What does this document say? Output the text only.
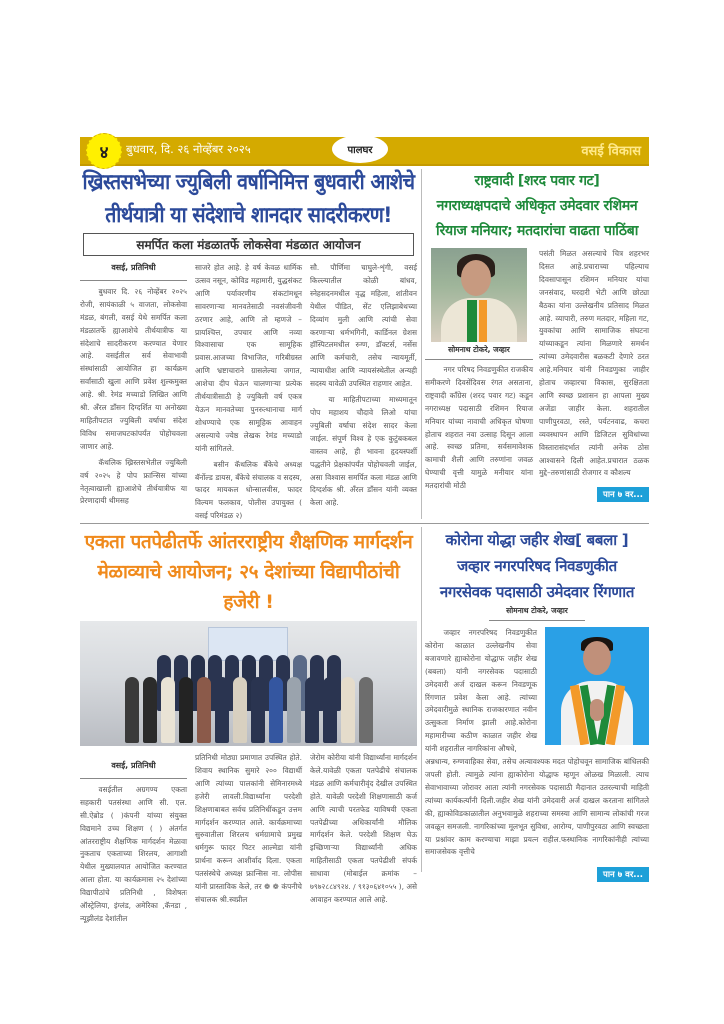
४	बुधवार, दि. २६ नोव्हेंबर २०२५	पालघर	वसई विकास
ख्रिस्तसभेच्या ज्युबिली वर्षानिमित्त बुधवारी आशेचे
तीर्थयात्री या संदेशाचे शानदार सादरीकरण!
समर्पित कला मंडळातर्फे लोकसेवा मंडळात आयोजन
वसई, प्रतिनिधी

बुधवार दि. २६ नोव्हेंबर २०२५ रोजी, सायंकाळी ५ वाजता, लोकसेवा मंडळ, बंगली, वसई येथे समर्पित कला मंडळातर्फे ह्याआशेचे तीर्थयात्रीफ या संदेशाचे सादरीकरण करण्यात येणार आहे. वसईतील सर्व सेवाभावी संस्थांसाठी आयोजित हा कार्यक्रम सर्वांसाठी खुला आणि प्रवेश शुल्कमुक्त आहे. श्री. रेमंड मच्याडो लिखित आणि श्री. अँरल डाँसन दिग्दर्शित या अनोख्या माहितीपटात ज्युबिली वर्षाचा संदेश विविध समाजघटकांपर्यंत पोहोचवला जाणार आहे.

कॅथलिक ख्रिस्तसभेतील ज्युबिली वर्ष २०२५ हे पोप फ्रान्सिस यांच्या नेतृत्वाखाली ह्याआशेचे तीर्थयात्रीफ या प्रेरणादायी थीमसह

साजरे होत आहे. हे वर्ष केवळ धार्मिक उत्सव नसून, कोविड महामारी, युद्धसंकट आणि पर्यावरणीय संकटांमधून सावरणाऱ्या मानवतेसाठी नवसंजीवनी ठरणार आहे, आणि तो म्हणजे – प्रायश्चित्त, उपचार आणि नव्या विश्वासाचा एक सामूहिक प्रवास.आजच्या विभाजित, गरिबीग्रस्त आणि भ्रष्टाचाराने ग्रासलेल्या जगात, आशेचा दीप घेऊन चालणाऱ्या प्रत्येक तीर्थयात्रीसाठी हे ज्युबिली वर्ष एकत्र येऊन मानवतेच्या पुनरुत्थानाचा मार्ग शोधण्याचे एक सामूहिक आवाहन असल्याचे ज्येष्ठ लेखक रेमंड मच्याडो यांनी सांगितले.

बसीन कॅथलिक बँकेचे अध्यक्ष बॅर्नोल्ड डायस, बँकेचे संचालक व सदस्य, फादर मायकल धोन्सालवीस, फादर विल्यम फलकाव, पोलीस उपायुक्त ( वसई परिमंडळ २)

सौ. पौर्णिमा चाघुले-शृंगी, वसई किल्ल्यातील कोळी बांधव, स्नेहसदनमधील वृद्ध महिला, शांतीवन येथील पीडित, सेंट एलिझाबेथच्या दिव्यांग मुली आणि त्यांची सेवा करणाऱ्या धर्मभगिनी, कार्डिनल ग्रेशस हॉस्पिटलमधील रुग्ण, डॉक्टर्स, नर्सेस आणि कर्मचारी, तसेच न्यायमूर्ती, न्यायाधीश आणि न्यायसंस्थेतील अन्यही सदस्य यावेळी उपस्थित राहणार आहेत.

या माहितीपटाच्या माध्यमातून पोप महाशय चौदावे लिओ यांचा ज्युबिली वर्षाचा संदेश सादर केला जाईल. संपूर्ण विश्व हे एक कुटुंबकबल वास्तव आहे, ही भावना हृदयस्पर्शी पद्धतीने प्रेक्षकांपर्यंत पोहोचवली जाईल, असा विश्वास समर्पित कला मंडळ आणि दिग्दर्शक श्री. अँरल डाँसन यांनी व्यक्त केला आहे.

राष्ट्रवादी [शरद पवार गट]
नगराध्यक्षपदाचे अधिकृत उमेदवार रशिमन
रियाज मनियार; मतदारांचा वाढता पाठिंबा
सोमनाथ टोकरे, जव्हार

नगर परिषद निवडणुकीत राजकीय समीकरणे दिवसेंदिवस रंगत असताना, राष्ट्रवादी काँग्रेस (शरद पवार गट) कडून नगराध्यक्ष पदासाठी रशिमन रियाज मनियार यांच्या नावाची अधिकृत घोषणा होताच शहरात नवा उत्साह दिसून आला आहे. स्वच्छ प्रतिमा, सर्वसमावेशक कामाची शैली आणि तरुणांना जवळ घेण्याची वृत्ती यामुळे मनीयार यांना मतदारांची मोठी

पसंती मिळत असल्याचे चित्र शहरभर दिसत आहे.प्रचाराच्या पहिल्याच दिवसापासून रशिमन मनियार यांचा जनसंवाद, घरदारी भेटी आणि छोट्या बैठका यांना उल्लेखनीय प्रतिसाद मिळत आहे. व्यापारी, तरुण मतदार, महिला गट, युवकांचा आणि सामाजिक संघटना यांच्याकडून त्यांना मिळणारे समर्थन त्यांच्या उमेदवारीस बळकटी देणारे ठरत आहे.मनियार यांनी निवडणुका जाहीर होताच जव्हारचा विकास, सुरक्षितता आणि स्वच्छ प्रशासन हा आपला मुख्य अजेंडा जाहीर केला. शहरातील पाणीपुरवठा, रस्ते, पर्यटनवाढ, कचरा व्यवस्थापन आणि डिजिटल सुविधांच्या विस्तारासंदर्भात त्यांनी अनेक ठोस आश्वासने दिली आहेत.प्रचारात ठळक मुद्दे–तरुणांसाठी रोजगार व कौशल्य

पान ७ वर...
एकता पतपेढीतर्फे आंतरराष्ट्रीय शैक्षणिक मार्गदर्शन
मेळाव्याचे आयोजन; २५ देशांच्या विद्यापीठांची हजेरी !
वसई, प्रतिनिधी

वसईतील अग्रगण्य एकता सहकारी पतसंस्था आणि सी. एल. सी.ऐब्रोड ( )कंपनी यांच्या संयुक्त विद्यमाने उच्च शिक्षण ( ) अंतर्गत आंतरराष्ट्रीय शैक्षणिक मार्गदर्शन मेळावा नुकताच एकताच्या शिरलय, आगाशी येथील मुख्यालयात आयोजित करण्यात आला होता. या कार्यक्रमास २५ देशांच्या विद्यापीठांचे प्रतिनिधी , विशेषतः ऑस्ट्रेलिया, इंग्लंड, अमेरिका ,कॅनडा , न्यूझीलंड देशांतील

प्रतिनिधी मोठ्या प्रमाणात उपस्थित होते. शिवाय स्थानिक सुमारे २०० विद्यार्थी आणि त्यांच्या पालकांनी सेमिनारमध्ये हजेरी लावली.विद्यार्थ्यांना परदेशी शिक्षणाबाबत सर्वच प्रतिनिधींकडून उत्तम मार्गदर्शन करण्यात आले. कार्यक्रमाच्या सुरुवातीला शिरलय धर्मग्रामाचे प्रमुख धर्मगुरू फादर पिटर आल्मेडा यांनी प्रार्थना करून आशीर्वाद दिला. एकता पतसंस्थेचे अध्यक्ष फ्रान्सिस ना. लोपीस यांनी प्रास्ताविक केले, तर ❁ ❁ कंपनीचे संचालक श्री.स्वप्नील

जेरोम कोरीया यांनी विद्यार्थ्यांना मार्गदर्शन केले.यावेळी एकता पतपेढीचे संचालक मंडळ आणि कर्मचारीवृंद देखील उपस्थित होते. यावेळी परदेशी शिक्षणासाठी कर्ज आणि त्याची परतफेड याविषयी एकता पतपेढीच्या अधिकार्यांनी मौलिक मार्गदर्शन केले. परदेशी शिक्षण घेऊ इच्छिणाऱ्या विद्यार्थ्यांनी अधिक माहितीसाठी एकता पतपेढीशी संपर्क साधावा (मोबाईल क्रमांक – ७९७२८८४९२४. / ९१३०६४१०५५ ), असे आवाहन करण्यात आले आहे.

कोरोना योद्धा जहीर शेख[ बबला ]
जव्हार नगरपरिषद निवडणुकीत
नगरसेवक पदासाठी उमेदवार रिंगणात
सोमनाथ टोकरे, जव्हार

जव्हार नगरपरिषद निवडणुकीत कोरोना काळात उल्लेखनीय सेवा बजावणारे ह्याकोरोना योद्धाफ जहीर शेख (बबला) यांनी नगरसेवक पदासाठी उमेदवारी अर्ज दाखल करून निवडणूक रिंगणात प्रवेश केला आहे. त्यांच्या उमेदवारीमुळे स्थानिक राजकारणात नवीन उत्सुकता निर्माण झाली आहे.कोरोना महामारीच्या कठीण काळात जहीर शेख यांनी शहरातील नागरिकांना औषधे,

अन्नधान्य, रुग्णवाहिका सेवा, तसेच अत्यावश्यक मदत पोहोचवून सामाजिक बांधिलकी जपली होती. त्यामुळे त्यांना ह्याकोरोना योद्धाफ म्हणून ओळख मिळाली. त्याच सेवाभावाच्या जोरावर आता त्यांनी नगरसेवक पदासाठी मैदानात उतरल्याची माहिती त्यांच्या कार्यकर्त्यांनी दिली.जहीर शेख यांनी उमेदवारी अर्ज दाखल करताना सांगितले की, ह्याकोविडकाळातील अनुभवामुळे शहराच्या समस्या आणि सामान्य लोकांची गरज जवळून समजली. नागरिकांच्या मूलभूत सुविधा, आरोग्य, पाणीपुरवठा आणि स्वच्छता या प्रश्नांवर काम करण्याचा माझा प्रयत्न राहील.फस्थानिक नागरिकांनीही त्यांच्या समाजसेवक वृत्तीचे

पान ७ वर...
